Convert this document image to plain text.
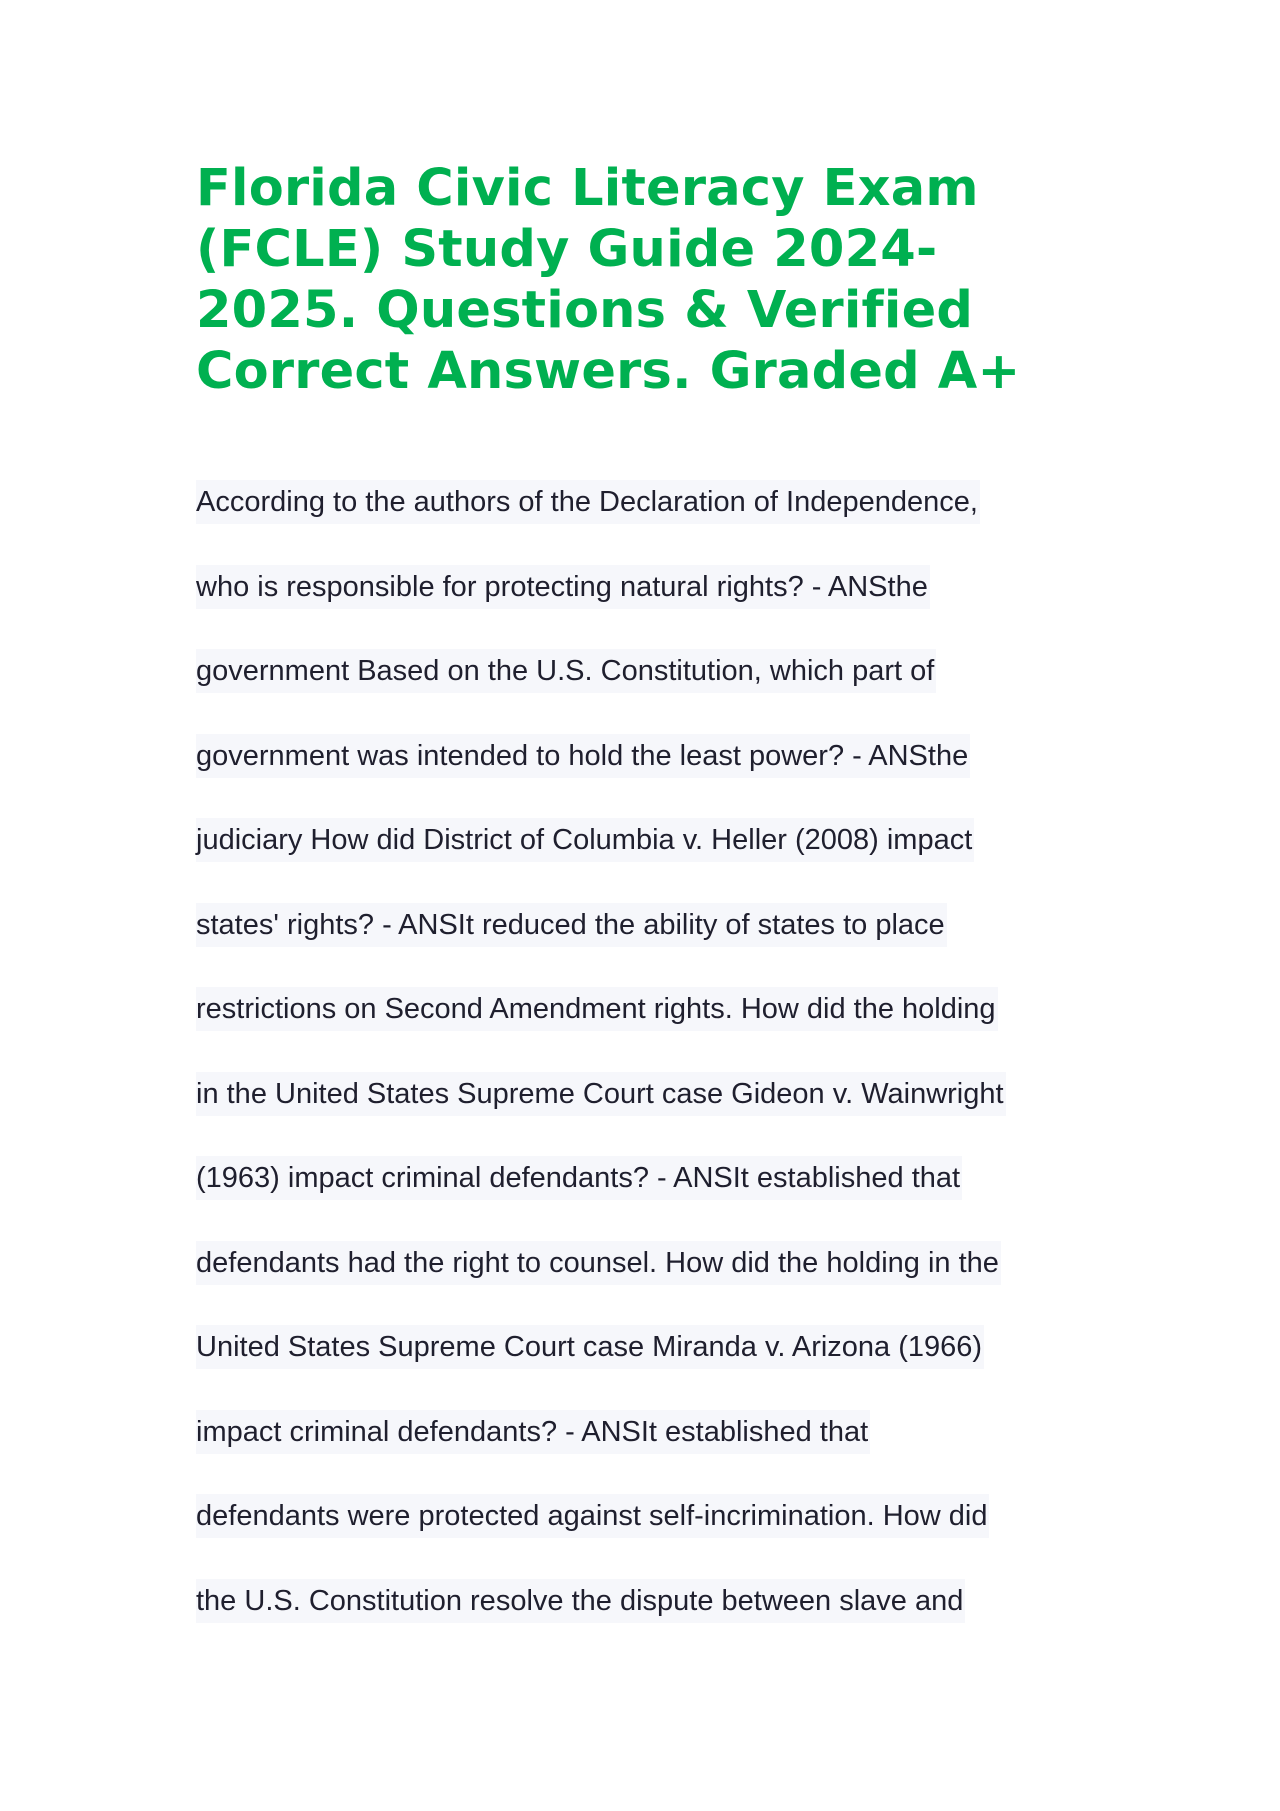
Florida Civic Literacy Exam
(FCLE) Study Guide 2024-
2025. Questions & Verified
Correct Answers. Graded A+
According to the authors of the Declaration of Independence,
who is responsible for protecting natural rights? - ANSthe
government Based on the U.S. Constitution, which part of
government was intended to hold the least power? - ANSthe
judiciary How did District of Columbia v. Heller (2008) impact
states' rights? - ANSIt reduced the ability of states to place
restrictions on Second Amendment rights. How did the holding
in the United States Supreme Court case Gideon v. Wainwright
(1963) impact criminal defendants? - ANSIt established that
defendants had the right to counsel. How did the holding in the
United States Supreme Court case Miranda v. Arizona (1966)
impact criminal defendants? - ANSIt established that
defendants were protected against self-incrimination. How did
the U.S. Constitution resolve the dispute between slave and
